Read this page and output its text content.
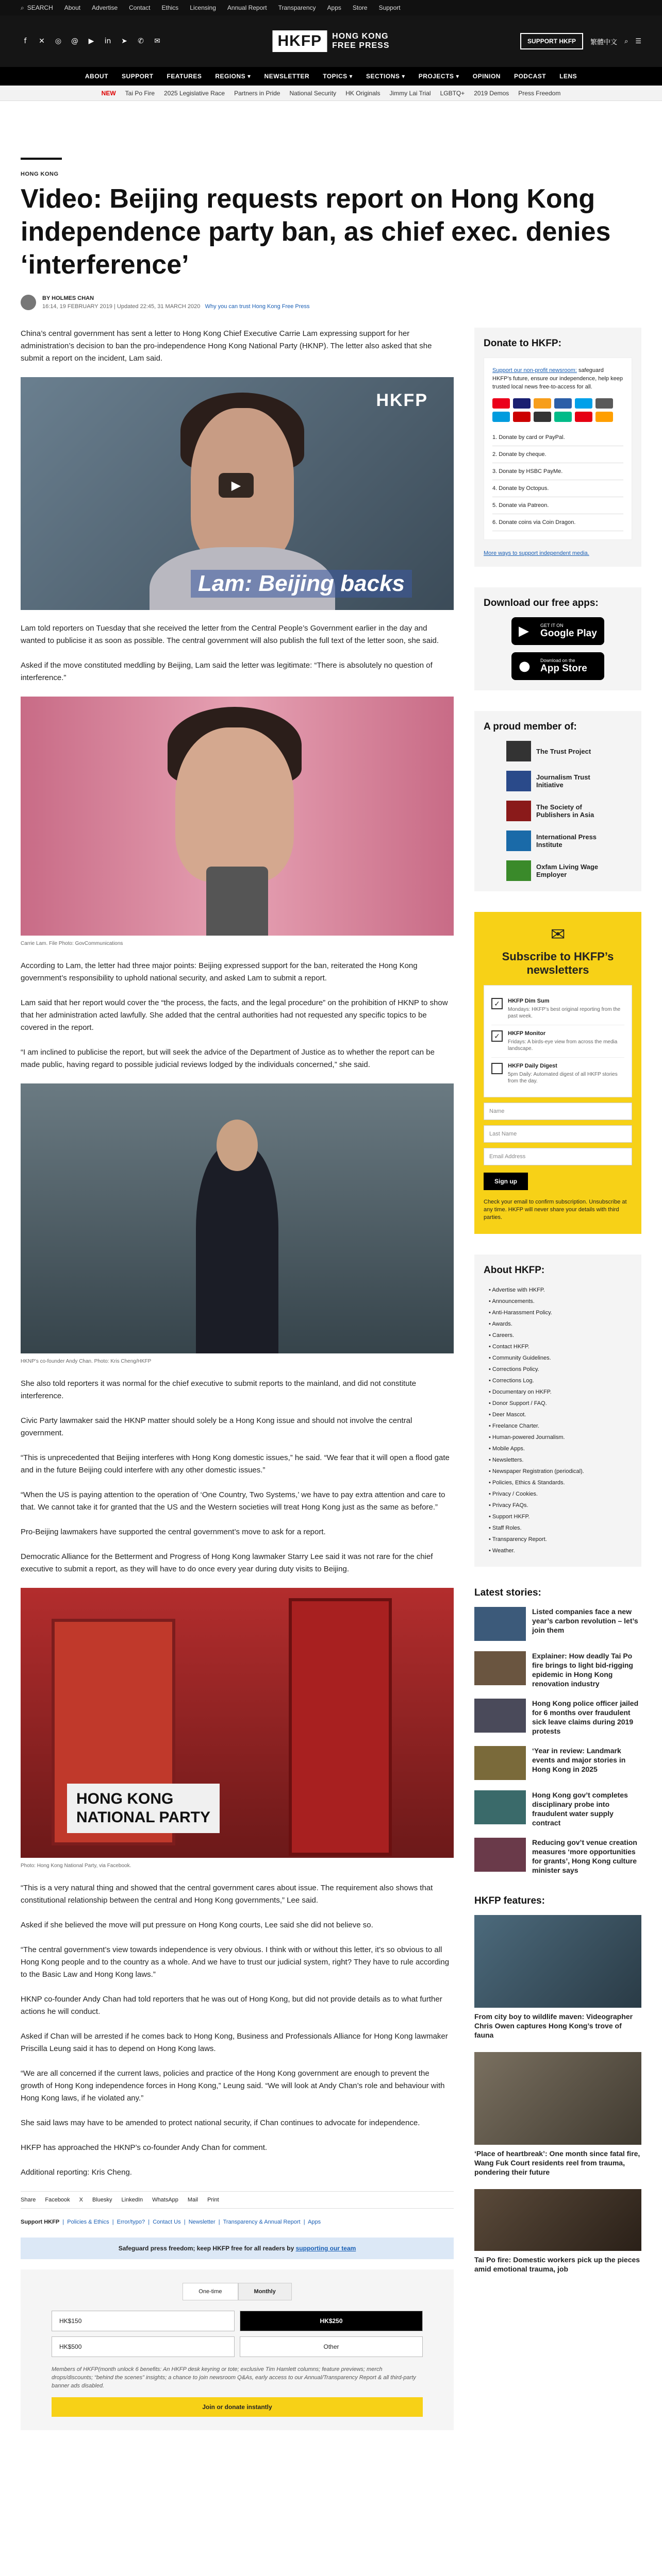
⌕ SEARCH About Advertise Contact Ethics Licensing Annual Report Transparency Apps Store Support
f	✕ ◎ @ ▶ in ➤ ✆ ✉	HKFP	HONG KONG
FREE PRESS	SUPPORT HKFP	繁體中文 ⌕ ☰
ABOUT SUPPORT FEATURES REGIONS ▾ NEWSLETTER TOPICS ▾ SECTIONS ▾ PROJECTS ▾ OPINION PODCAST LENS
NEW Tai Po Fire 2025 Legislative Race Partners in Pride National Security HK Originals Jimmy Lai Trial LGBTQ+ 2019 Demos Press Freedom
HONG KONG
Video: Beijing requests report on Hong Kong independence party ban, as chief exec. denies ‘interference’
BY HOLMES CHAN
16:14, 19 FEBRUARY 2019 | Updated 22:45, 31 MARCH 2020 Why you can trust Hong Kong Free Press

China’s central government has sent a letter to Hong Kong Chief Executive Carrie Lam expressing support for her administration’s decision to ban the pro-independence Hong Kong National Party (HKNP). The letter also asked that she submit a report on the incident, Lam said.

HKFP
▶
Lam: Beijing backs

Lam told reporters on Tuesday that she received the letter from the Central People’s Government earlier in the day and wanted to publicise it as soon as possible. The central government will also publish the full text of the letter soon, she said.

Asked if the move constituted meddling by Beijing, Lam said the letter was legitimate: “There is absolutely no question of interference.”

Carrie Lam. File Photo: GovCommunications

According to Lam, the letter had three major points: Beijing expressed support for the ban, reiterated the Hong Kong government’s responsibility to uphold national security, and asked Lam to submit a report.

Lam said that her report would cover the “the process, the facts, and the legal procedure” on the prohibition of HKNP to show that her administration acted lawfully. She added that the central authorities had not requested any specific topics to be covered in the report.

“I am inclined to publicise the report, but will seek the advice of the Department of Justice as to whether the report can be made public, having regard to possible judicial reviews lodged by the individuals concerned,” she said.

HKNP’s co-founder Andy Chan. Photo: Kris Cheng/HKFP

She also told reporters it was normal for the chief executive to submit reports to the mainland, and did not constitute interference.

Civic Party lawmaker said the HKNP matter should solely be a Hong Kong issue and should not involve the central government.

“This is unprecedented that Beijing interferes with Hong Kong domestic issues,” he said. “We fear that it will open a flood gate and in the future Beijing could interfere with any other domestic issues.”

“When the US is paying attention to the operation of ‘One Country, Two Systems,’ we have to pay extra attention and care to that. We cannot take it for granted that the US and the Western societies will treat Hong Kong just as the same as before.”

Pro-Beijing lawmakers have supported the central government’s move to ask for a report.

Democratic Alliance for the Betterment and Progress of Hong Kong lawmaker Starry Lee said it was not rare for the chief executive to submit a report, as they will have to do once every year during duty visits to Beijing.

HONG KONG
NATIONAL PARTY
Photo: Hong Kong National Party, via Facebook.

“This is a very natural thing and showed that the central government cares about issue. The requirement also shows that constitutional relationship between the central and Hong Kong governments,” Lee said.

Asked if she believed the move will put pressure on Hong Kong courts, Lee said she did not believe so.

“The central government’s view towards independence is very obvious. I think with or without this letter, it’s so obvious to all Hong Kong people and to the country as a whole. And we have to trust our judicial system, right? They have to rule according to the Basic Law and Hong Kong laws.”

HKNP co-founder Andy Chan had told reporters that he was out of Hong Kong, but did not provide details as to what further actions he will conduct.

Asked if Chan will be arrested if he comes back to Hong Kong, Business and Professionals Alliance for Hong Kong lawmaker Priscilla Leung said it has to depend on Hong Kong laws.

“We are all concerned if the current laws, policies and practice of the Hong Kong government are enough to prevent the growth of Hong Kong independence forces in Hong Kong,” Leung said. “We will look at Andy Chan’s role and behaviour with Hong Kong laws, if he violated any.”

She said laws may have to be amended to protect national security, if Chan continues to advocate for independence.

HKFP has approached the HKNP’s co-founder Andy Chan for comment.

Additional reporting: Kris Cheng.

Share Facebook X Bluesky LinkedIn WhatsApp Mail Print
Support HKFP  |  Policies & Ethics  |  Error/typo?  |  Contact Us  |  Newsletter  |  Transparency & Annual Report  |  Apps
Safeguard press freedom; keep HKFP free for all readers by supporting our team
One-time	Monthly
HK$150	HK$250
HK$500	Other
Members of HKFP(month unlock 6 benefits: An HKFP desk keyring or tote; exclusive Tim Hamlett columns; feature previews; merch drops/discounts; “behind the scenes” insights; a chance to join newsroom Q&As, early access to our Annual/Transparency Report & all third-party banner ads disabled.
Join or donate instantly
Donate to HKFP:
Support our non-profit newsroom: safeguard HKFP’s future, ensure our independence, help keep trusted local news free-to-access for all.
1. Donate by card or PayPal.
2. Donate by cheque.
3. Donate by HSBC PayMe.
4. Donate by Octopus.
5. Donate via Patreon.
6. Donate coins via Coin Dragon.
More ways to support independent media.
Download our free apps:
▶ GET IT ON
Google Play
● Download on the
App Store
A proud member of:
The Trust Project
Journalism Trust Initiative
The Society of Publishers in Asia
International Press Institute
Oxfam Living Wage Employer
✉
Subscribe to HKFP’s newsletters
✓	HKFP Dim Sum
Mondays: HKFP’s best original reporting from the past week.
✓	HKFP Monitor
Fridays: A birds-eye view from across the media landscape.
HKFP Daily Digest
5pm Daily: Automated digest of all HKFP stories from the day.
Name
Last Name
Email Address
Sign up
Check your email to confirm subscription. Unsubscribe at any time. HKFP will never share your details with third parties.
About HKFP:
• Advertise with HKFP.
• Announcements.
• Anti-Harassment Policy.
• Awards.
• Careers.
• Contact HKFP.
• Community Guidelines.
• Corrections Policy.
• Corrections Log.
• Documentary on HKFP.
• Donor Support / FAQ.
• Deer Mascot.
• Freelance Charter.
• Human-powered Journalism.
• Mobile Apps.
• Newsletters.
• Newspaper Registration (periodical).
• Policies, Ethics & Standards.
• Privacy / Cookies.
• Privacy FAQs.
• Support HKFP.
• Staff Roles.
• Transparency Report.
• Weather.
Latest stories:
Listed companies face a new year’s carbon revolution – let’s join them
Explainer: How deadly Tai Po fire brings to light bid-rigging epidemic in Hong Kong renovation industry
Hong Kong police officer jailed for 6 months over fraudulent sick leave claims during 2019 protests
‘Year in review: Landmark events and major stories in Hong Kong in 2025
Hong Kong gov’t completes disciplinary probe into fraudulent water supply contract
Reducing gov’t venue creation measures ‘more opportunities for grants’, Hong Kong culture minister says
HKFP features:
From city boy to wildlife maven: Videographer Chris Owen captures Hong Kong’s trove of fauna
‘Place of heartbreak’: One month since fatal fire, Wang Fuk Court residents reel from trauma, pondering their future
Tai Po fire: Domestic workers pick up the pieces amid emotional trauma, job
